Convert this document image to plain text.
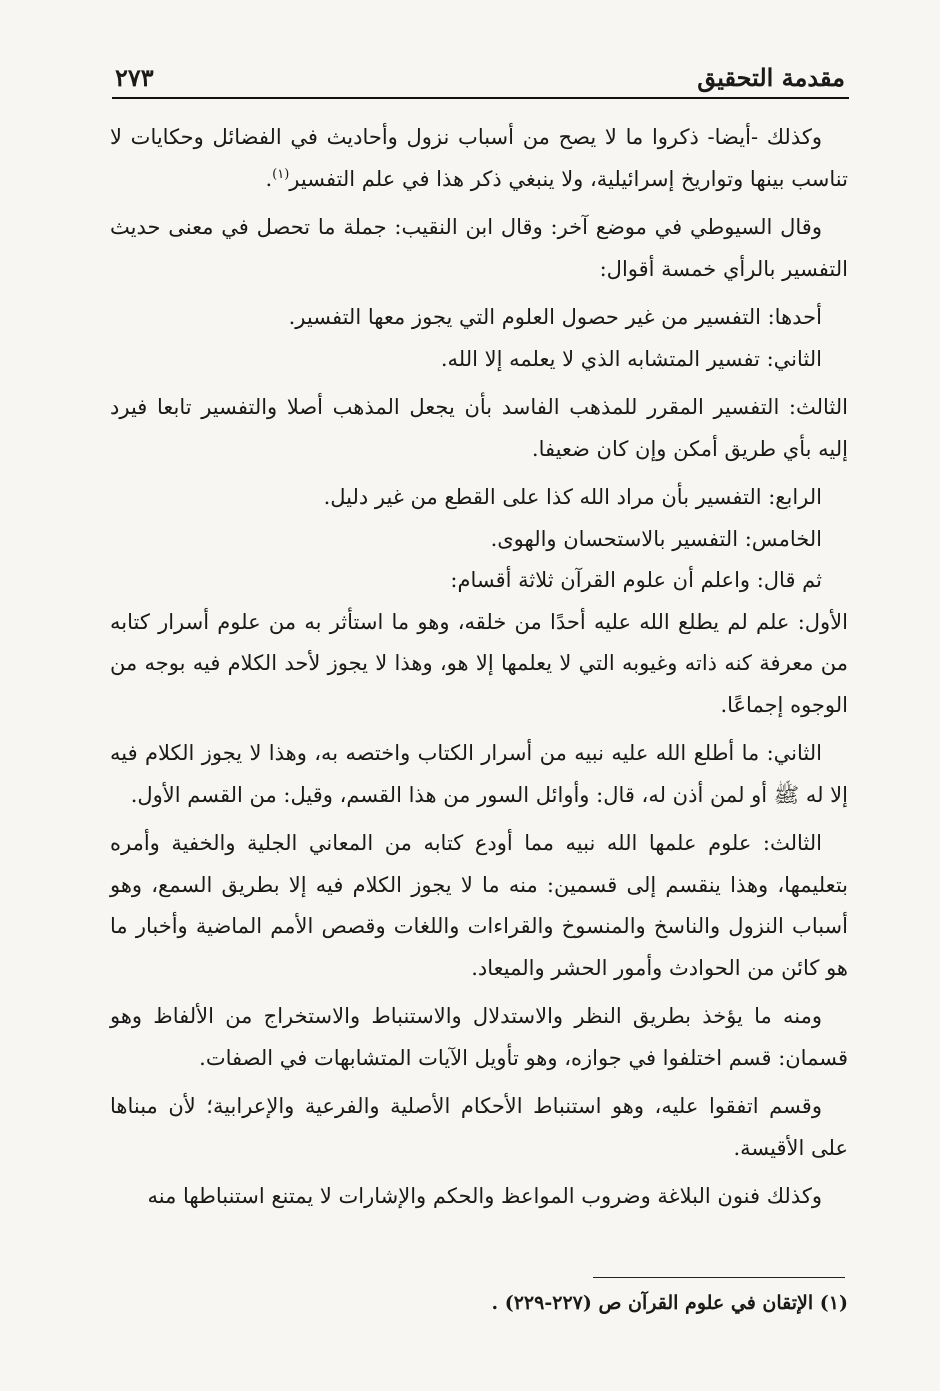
مقدمة التحقيق
٢٧٣

وكذلك -أيضا- ذكروا ما لا يصح من أسباب نزول وأحاديث في الفضائل وحكايات لا تناسب بينها وتواريخ إسرائيلية، ولا ينبغي ذكر هذا في علم التفسير$^{(١)}$.

وقال السيوطي في موضع آخر: وقال ابن النقيب: جملة ما تحصل في معنى حديث التفسير بالرأي خمسة أقوال:

أحدها: التفسير من غير حصول العلوم التي يجوز معها التفسير.

الثاني: تفسير المتشابه الذي لا يعلمه إلا الله.

الثالث: التفسير المقرر للمذهب الفاسد بأن يجعل المذهب أصلا والتفسير تابعا فيرد إليه بأي طريق أمكن وإن كان ضعيفا.

الرابع: التفسير بأن مراد الله كذا على القطع من غير دليل.

الخامس: التفسير بالاستحسان والهوى.

ثم قال: واعلم أن علوم القرآن ثلاثة أقسام:

الأول: علم لم يطلع الله عليه أحدًا من خلقه، وهو ما استأثر به من علوم أسرار كتابه من معرفة كنه ذاته وغيوبه التي لا يعلمها إلا هو، وهذا لا يجوز لأحد الكلام فيه بوجه من الوجوه إجماعًا.

الثاني: ما أطلع الله عليه نبيه من أسرار الكتاب واختصه به، وهذا لا يجوز الكلام فيه إلا له ﷺ أو لمن أذن له، قال: وأوائل السور من هذا القسم، وقيل: من القسم الأول.

الثالث: علوم علمها الله نبيه مما أودع كتابه من المعاني الجلية والخفية وأمره بتعليمها، وهذا ينقسم إلى قسمين: منه ما لا يجوز الكلام فيه إلا بطريق السمع، وهو أسباب النزول والناسخ والمنسوخ والقراءات واللغات وقصص الأمم الماضية وأخبار ما هو كائن من الحوادث وأمور الحشر والميعاد.

ومنه ما يؤخذ بطريق النظر والاستدلال والاستنباط والاستخراج من الألفاظ وهو قسمان: قسم اختلفوا في جوازه، وهو تأويل الآيات المتشابهات في الصفات.

وقسم اتفقوا عليه، وهو استنباط الأحكام الأصلية والفرعية والإعرابية؛ لأن مبناها على الأقيسة.

وكذلك فنون البلاغة وضروب المواعظ والحكم والإشارات لا يمتنع استنباطها منه

(١) الإتقان في علوم القرآن ص (٢٢٧-٢٢٩) .
